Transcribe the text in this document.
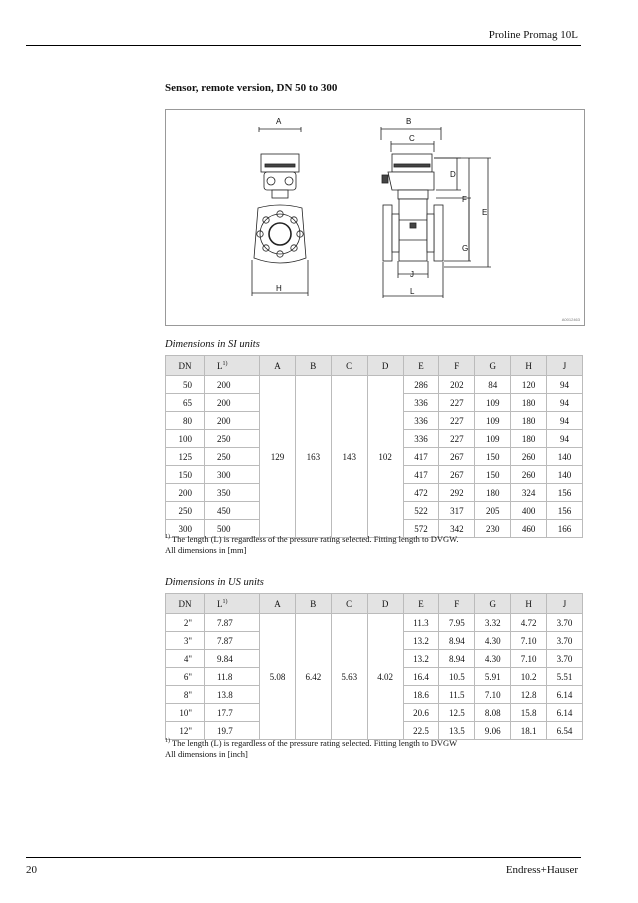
Proline Promag 10L
Sensor, remote version, DN 50 to 300
A	B
C
D
E
F
G
H
J
L
A0012463
Dimensions in SI units
DN	$L^{1)}$	A	B	C	D	E	F	G	H	J
50	200	129	163	143	102	286	202	84	120	94
65	200					336	227	109	180	94
80	200					336	227	109	180	94
100	250					336	227	109	180	94
125	250					417	267	150	260	140
150	300					417	267	150	260	140
200	350					472	292	180	324	156
250	450					522	317	205	400	156
300	500					572	342	230	460	166
$^{1)}$ The length (L) is regardless of the pressure rating selected. Fitting length to DVGW.
All dimensions in [mm]
Dimensions in US units
DN	$L^{1)}$	A	B	C	D	E	F	G	H	J
2"	7.87	5.08	6.42	5.63	4.02	11.3	7.95	3.32	4.72	3.70
3"	7.87					13.2	8.94	4.30	7.10	3.70
4"	9.84					13.2	8.94	4.30	7.10	3.70
6"	11.8					16.4	10.5	5.91	10.2	5.51
8"	13.8					18.6	11.5	7.10	12.8	6.14
10"	17.7					20.6	12.5	8.08	15.8	6.14
12"	19.7					22.5	13.5	9.06	18.1	6.54
$^{1)}$ The length (L) is regardless of the pressure rating selected. Fitting length to DVGW
All dimensions in [inch]
20	Endress+Hauser
